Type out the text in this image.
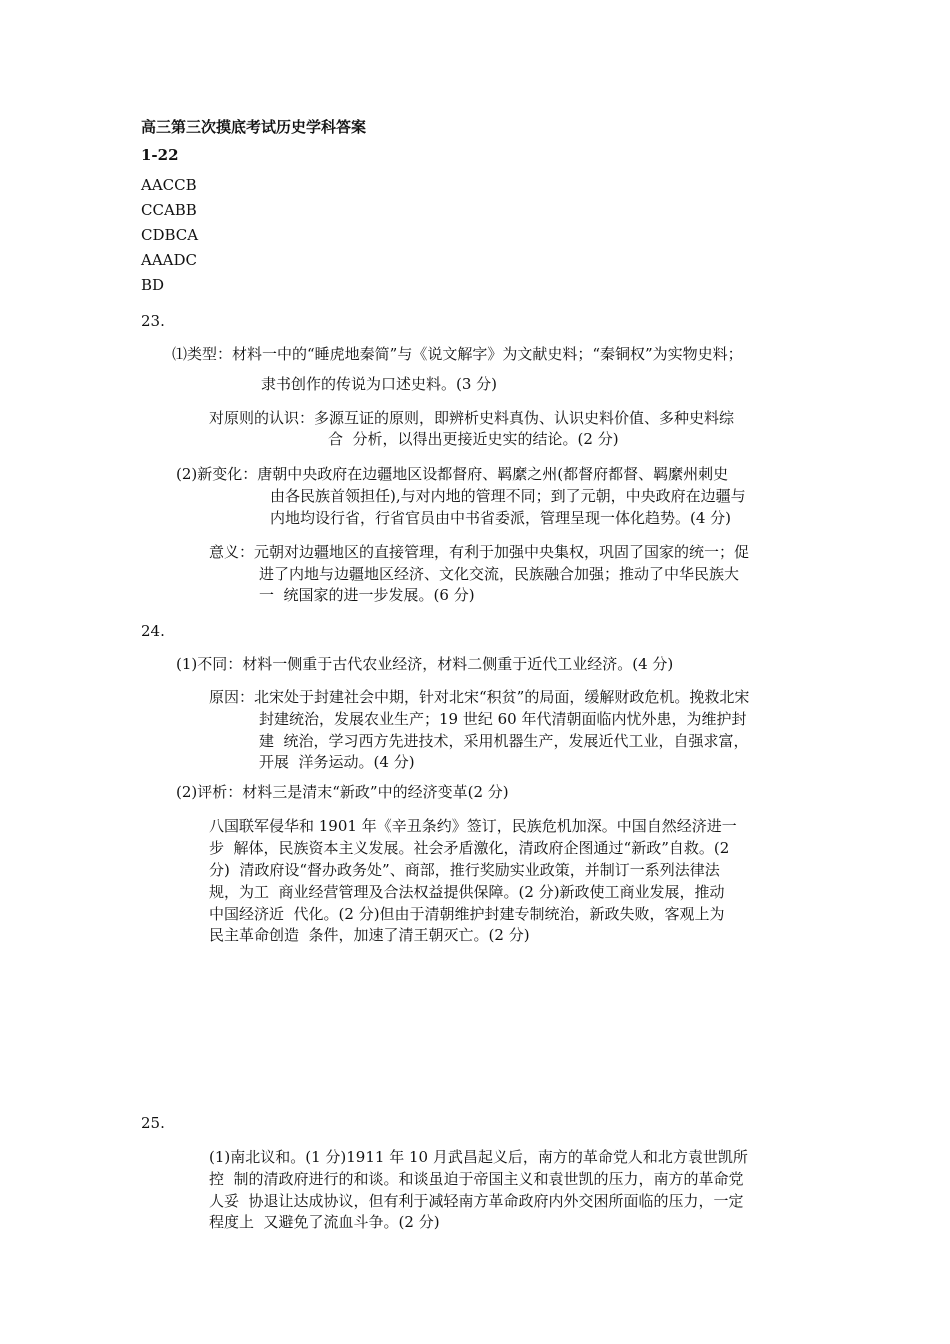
高三第三次摸底考试历史学科答案
1-22
AACCB
CCABB
CDBCA
AAADC
BD
23.
⑴类型：材料一中的“睡虎地秦简”与《说文解字》为文献史料；“秦铜权”为实物史料；
隶书创作的传说为口述史料。(3 分)
对原则的认识：多源互证的原则，即辨析史料真伪、认识史料价值、多种史料综
合  分析，以得出更接近史实的结论。(2 分)
(2)新变化：唐朝中央政府在边疆地区设都督府、羁縻之州(都督府都督、羁縻州刺史
由各民族首领担任),与对内地的管理不同；到了元朝，中央政府在边疆与
内地均设行省，行省官员由中书省委派，管理呈现一体化趋势。(4 分)
意义：元朝对边疆地区的直接管理，有利于加强中央集权，巩固了国家的统一；促
进了内地与边疆地区经济、文化交流，民族融合加强；推动了中华民族大
一  统国家的进一步发展。(6 分)
24.
(1)不同：材料一侧重于古代农业经济，材料二侧重于近代工业经济。(4 分)
原因：北宋处于封建社会中期，针对北宋“积贫”的局面，缓解财政危机。挽救北宋
封建统治，发展农业生产；19 世纪 60 年代清朝面临内忧外患，为维护封
建  统治，学习西方先进技术，采用机器生产，发展近代工业，自强求富，
开展  洋务运动。(4 分)
(2)评析：材料三是清末“新政”中的经济变革(2 分)
八国联军侵华和 1901 年《辛丑条约》签订，民族危机加深。中国自然经济进一
步  解体，民族资本主义发展。社会矛盾激化，清政府企图通过“新政”自救。(2
分)  清政府设“督办政务处”、商部，推行奖励实业政策，并制订一系列法律法
规，为工  商业经营管理及合法权益提供保障。(2 分)新政使工商业发展，推动
中国经济近  代化。(2 分)但由于清朝维护封建专制统治，新政失败，客观上为
民主革命创造  条件，加速了清王朝灭亡。(2 分)
25.
(1)南北议和。(1 分)1911 年 10 月武昌起义后，南方的革命党人和北方袁世凯所
控  制的清政府进行的和谈。和谈虽迫于帝国主义和袁世凯的压力，南方的革命党
人妥  协退让达成协议，但有利于减轻南方革命政府内外交困所面临的压力，一定
程度上  又避免了流血斗争。(2 分)
